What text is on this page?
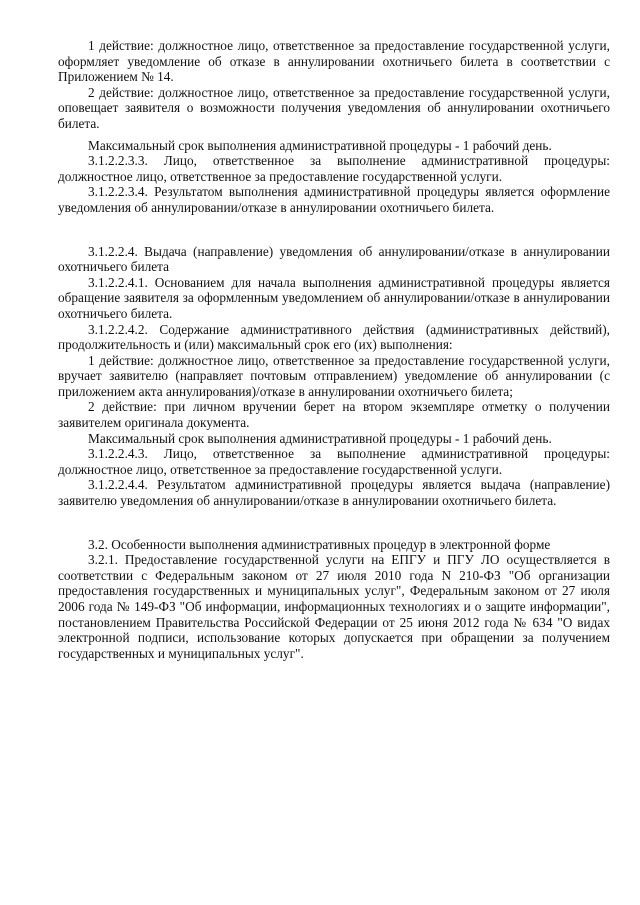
1 действие: должностное лицо, ответственное за предоставление государственной услуги, оформляет уведомление об отказе в аннулировании охотничьего билета в соответствии с Приложением № 14.

2 действие: должностное лицо, ответственное за предоставление государственной услуги, оповещает заявителя о возможности получения уведомления об аннулировании охотничьего билета.

Максимальный срок выполнения административной процедуры - 1 рабочий день.

3.1.2.2.3.3. Лицо, ответственное за выполнение административной процедуры: должностное лицо, ответственное за предоставление государственной услуги.

3.1.2.2.3.4. Результатом выполнения административной процедуры является оформление уведомления об аннулировании/отказе в аннулировании охотничьего билета.

3.1.2.2.4. Выдача (направление) уведомления об аннулировании/отказе в аннулировании охотничьего билета

3.1.2.2.4.1. Основанием для начала выполнения административной процедуры является обращение заявителя за оформленным уведомлением об аннулировании/отказе в аннулировании охотничьего билета.

3.1.2.2.4.2. Содержание административного действия (административных действий), продолжительность и (или) максимальный срок его (их) выполнения:

1 действие: должностное лицо, ответственное за предоставление государственной услуги, вручает заявителю (направляет почтовым отправлением) уведомление об аннулировании (с приложением акта аннулирования)/отказе в аннулировании охотничьего билета;

2 действие: при личном вручении берет на втором экземпляре отметку о получении заявителем оригинала документа.

Максимальный срок выполнения административной процедуры - 1 рабочий день.

3.1.2.2.4.3. Лицо, ответственное за выполнение административной процедуры: должностное лицо, ответственное за предоставление государственной услуги.

3.1.2.2.4.4. Результатом административной процедуры является выдача (направление) заявителю уведомления об аннулировании/отказе в аннулировании охотничьего билета.

3.2. Особенности выполнения административных процедур в электронной форме

3.2.1. Предоставление государственной услуги на ЕПГУ и ПГУ ЛО осуществляется в соответствии с Федеральным законом от 27 июля 2010 года N 210-ФЗ "Об организации предоставления государственных и муниципальных услуг", Федеральным законом от 27 июля 2006 года № 149-ФЗ "Об информации, информационных технологиях и о защите информации", постановлением Правительства Российской Федерации от 25 июня 2012 года № 634 "О видах электронной подписи, использование которых допускается при обращении за получением государственных и муниципальных услуг".
